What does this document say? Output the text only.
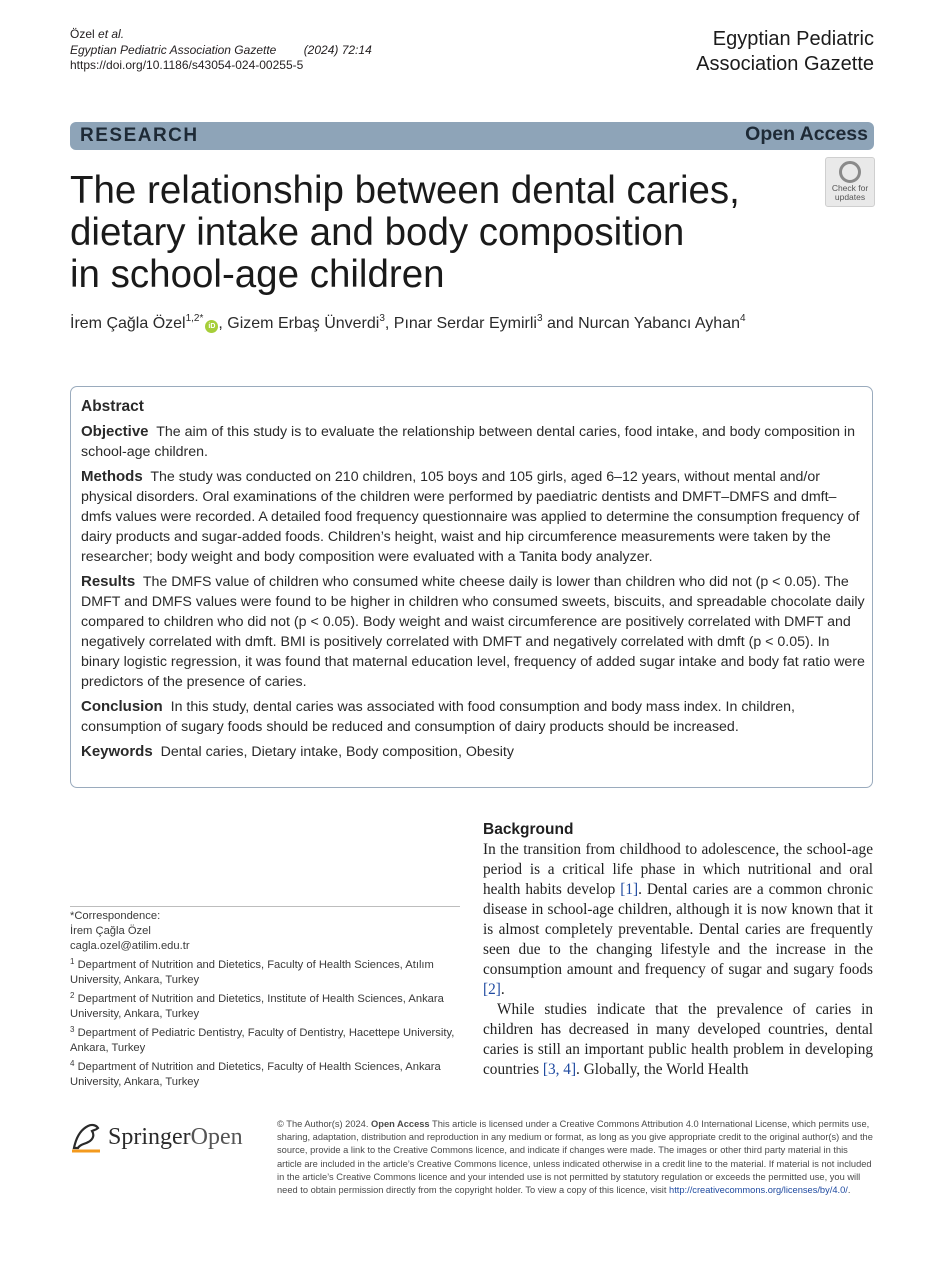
Özel et al.
Egyptian Pediatric Association Gazette (2024) 72:14
https://doi.org/10.1186/s43054-024-00255-5
Egyptian Pediatric
Association Gazette
RESEARCH	Open Access
The relationship between dental caries,
dietary intake and body composition
in school-age children
Check for
updates
İrem Çağla Özel$^{1,2*}$iD , Gizem Erbaş Ünverdi$^3$, Pınar Serdar Eymirli$^3$ and Nurcan Yabancı Ayhan$^4$
Abstract

Objective The aim of this study is to evaluate the relationship between dental caries, food intake, and body composition in school-age children.

Methods The study was conducted on 210 children, 105 boys and 105 girls, aged 6–12 years, without mental and/or physical disorders. Oral examinations of the children were performed by paediatric dentists and DMFT–DMFS and dmft–dmfs values were recorded. A detailed food frequency questionnaire was applied to determine the consumption frequency of dairy products and sugar-added foods. Children’s height, waist and hip circumference measurements were taken by the researcher; body weight and body composition were evaluated with a Tanita body analyzer.

Results The DMFS value of children who consumed white cheese daily is lower than children who did not (p < 0.05). The DMFT and DMFS values were found to be higher in children who consumed sweets, biscuits, and spreadable chocolate daily compared to children who did not (p < 0.05). Body weight and waist circumference are positively correlated with DMFT and negatively correlated with dmft. BMI is positively correlated with DMFT and negatively correlated with dmft (p < 0.05). In binary logistic regression, it was found that maternal education level, frequency of added sugar intake and body fat ratio were predictors of the presence of caries.

Conclusion In this study, dental caries was associated with food consumption and body mass index. In children, consumption of sugary foods should be reduced and consumption of dairy products should be increased.

Keywords Dental caries, Dietary intake, Body composition, Obesity

Background

In the transition from childhood to adolescence, the school-age period is a critical life phase in which nutritional and oral health habits develop [1]. Dental caries are a common chronic disease in school-age children, although it is now known that it is almost completely preventable. Dental caries are frequently seen due to the changing lifestyle and the increase in the consumption amount and frequency of sugar and sugary foods [2].

While studies indicate that the prevalence of caries in children has decreased in many developed countries, dental caries is still an important public health problem in developing countries [3, 4]. Globally, the World Health

*Correspondence:
İrem Çağla Özel
cagla.ozel@atilim.edu.tr
$^1$ Department of Nutrition and Dietetics, Faculty of Health Sciences, Atılım University, Ankara, Turkey
$^2$ Department of Nutrition and Dietetics, Institute of Health Sciences, Ankara University, Ankara, Turkey
$^3$ Department of Pediatric Dentistry, Faculty of Dentistry, Hacettepe University, Ankara, Turkey
$^4$ Department of Nutrition and Dietetics, Faculty of Health Sciences, Ankara University, Ankara, Turkey
SpringerOpen	© The Author(s) 2024. Open Access This article is licensed under a Creative Commons Attribution 4.0 International License, which permits use, sharing, adaptation, distribution and reproduction in any medium or format, as long as you give appropriate credit to the original author(s) and the source, provide a link to the Creative Commons licence, and indicate if changes were made. The images or other third party material in this article are included in the article’s Creative Commons licence, unless indicated otherwise in a credit line to the material. If material is not included in the article’s Creative Commons licence and your intended use is not permitted by statutory regulation or exceeds the permitted use, you will need to obtain permission directly from the copyright holder. To view a copy of this licence, visit http://creativecommons.org/licenses/by/4.0/.
